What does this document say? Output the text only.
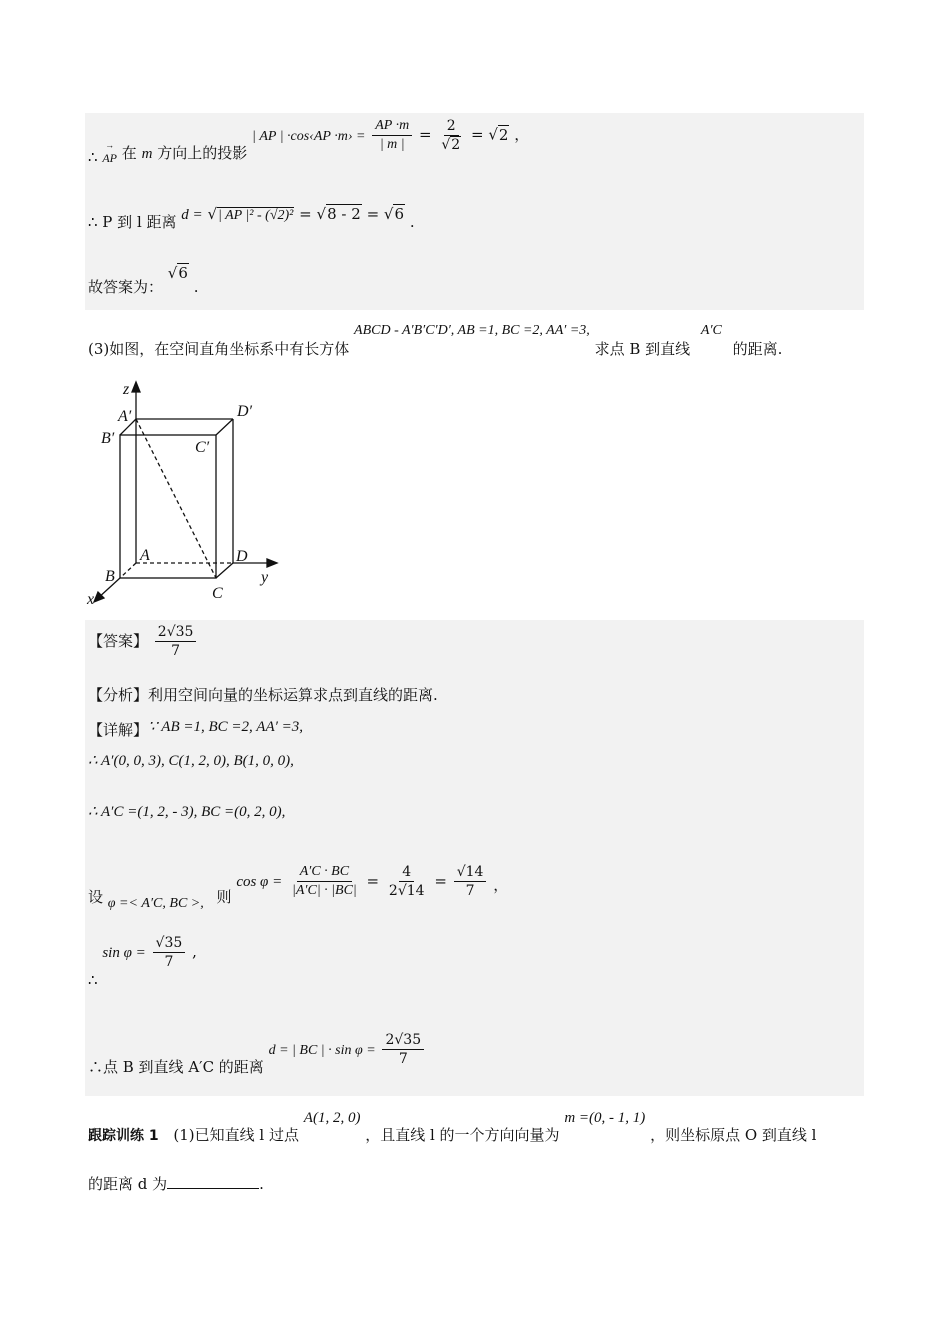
∴ → AP 在 m 方向上的投影 | AP | ·cos‹AP ·m› = $\frac{AP \cdot m}{| m |} = \frac{2}{√2} = √2$ ，
∴ P 到 l 距离 d = √| AP |² - (√2)² = √8 - 2 = √6 .
故答案为： √6 .
(3)如图，在空间直角坐标系中有长方体 ABCD - A′B′C′D′, AB =1, BC =2, AA′ =3, 求点 B 到直线 A′C 的距离.
z
A′	D′
B′
C′
A	D
B
C
y
x
【答案】 $\frac{2√35}{7}$
【分析】利用空间向量的坐标运算求点到直线的距离.
【详解】∵ AB =1, BC =2, AA′ =3,
∴ A′(0, 0, 3), C(1, 2, 0), B(1, 0, 0),
∴ A′C =(1, 2, - 3), BC =(0, 2, 0),
设 φ =< A′C, BC >, 则 $\cos \varphi = \frac{A'C \cdot BC}{|A'C| \cdot |BC|} = \frac{4}{2√14} = \frac{√14}{7}$ ，
∴ $\sin \varphi = \frac{√35}{7}$ ,
∴点 B 到直线 A′C 的距离 d = | BC | · $\sin \varphi = \frac{2√35}{7}$
跟踪训练 1 (1)已知直线 l 过点 A(1, 2, 0) ，且直线 l 的一个方向向量为 m =(0, - 1, 1) ，则坐标原点 O 到直线 l
的距离 d 为	.
